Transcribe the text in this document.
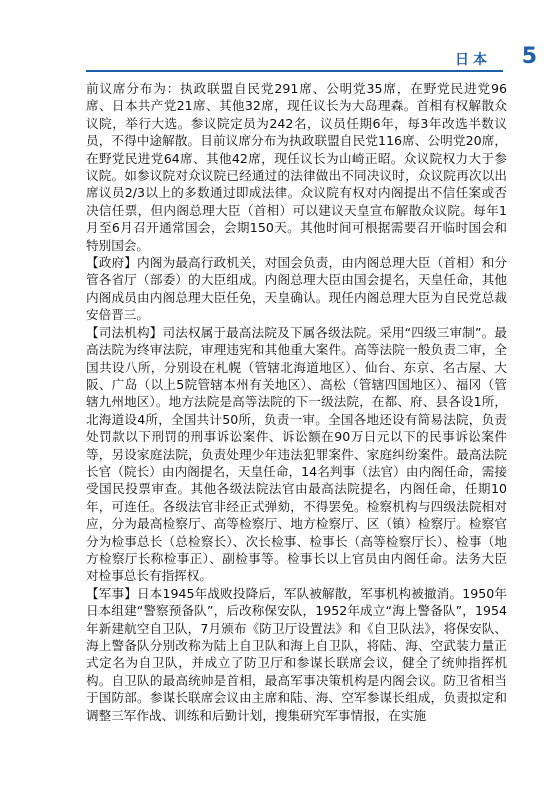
日本 5

前议席分布为：执政联盟自民党291席、公明党35席，在野党民进党96席、日本共产党21席、其他32席，现任议长为大岛理森。首相有权解散众议院，举行大选。参议院定员为242名，议员任期6年，每3年改选半数议员，不得中途解散。目前议席分布为执政联盟自民党116席、公明党20席，在野党民进党64席、其他42席，现任议长为山崎正昭。众议院权力大于参议院。如参议院对众议院已经通过的法律做出不同决议时，众议院再次以出席议员2/3以上的多数通过即成法律。众议院有权对内阁提出不信任案或否决信任票，但内阁总理大臣（首相）可以建议天皇宣布解散众议院。每年1月至6月召开通常国会，会期150天。其他时间可根据需要召开临时国会和特别国会。

【政府】内阁为最高行政机关，对国会负责，由内阁总理大臣（首相）和分管各省厅（部委）的大臣组成。内阁总理大臣由国会提名，天皇任命，其他内阁成员由内阁总理大臣任免，天皇确认。现任内阁总理大臣为自民党总裁安倍晋三。

【司法机构】司法权属于最高法院及下属各级法院。采用“四级三审制”。最高法院为终审法院，审理违宪和其他重大案件。高等法院一般负责二审，全国共设八所，分别设在札幌（管辖北海道地区）、仙台、东京、名古屋、大阪、广岛（以上5院管辖本州有关地区）、高松（管辖四国地区）、福冈（管辖九州地区）。地方法院是高等法院的下一级法院，在都、府、县各设1所，北海道设4所，全国共计50所，负责一审。全国各地还设有简易法院，负责处罚款以下刑罚的刑事诉讼案件、诉讼额在90万日元以下的民事诉讼案件等，另设家庭法院，负责处理少年违法犯罪案件、家庭纠纷案件。最高法院长官（院长）由内阁提名，天皇任命，14名判事（法官）由内阁任命，需接受国民投票审查。其他各级法院法官由最高法院提名，内阁任命，任期10年，可连任。各级法官非经正式弹劾，不得罢免。检察机构与四级法院相对应，分为最高检察厅、高等检察厅、地方检察厅、区（镇）检察厅。检察官分为检事总长（总检察长）、次长检事、检事长（高等检察厅长）、检事（地方检察厅长称检事正）、副检事等。检事长以上官员由内阁任命。法务大臣对检事总长有指挥权。

【军事】日本1945年战败投降后，军队被解散，军事机构被撤消。1950年日本组建“警察预备队”，后改称保安队，1952年成立“海上警备队”，1954年新建航空自卫队，7月颁布《防卫厅设置法》和《自卫队法》，将保安队、海上警备队分别改称为陆上自卫队和海上自卫队，将陆、海、空武装力量正式定名为自卫队，并成立了防卫厅和参谋长联席会议，健全了统帅指挥机构。自卫队的最高统帅是首相，最高军事决策机构是内阁会议。防卫省相当于国防部。参谋长联席会议由主席和陆、海、空军参谋长组成，负责拟定和调整三军作战、训练和后勤计划，搜集研究军事情报，在实施
